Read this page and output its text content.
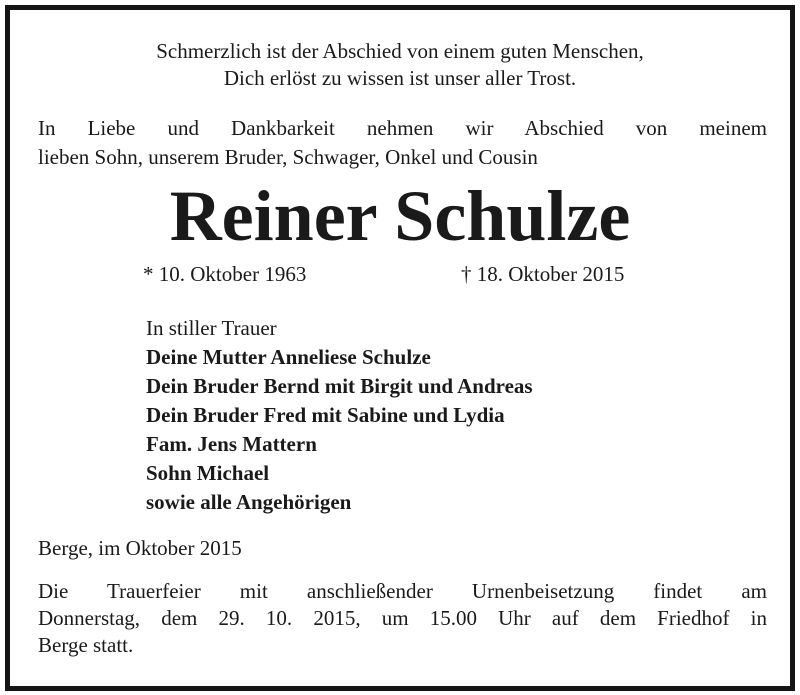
Schmerzlich ist der Abschied von einem guten Menschen,
Dich erlöst zu wissen ist unser aller Trost.
In Liebe und Dankbarkeit nehmen wir Abschied von meinem
lieben Sohn, unserem Bruder, Schwager, Onkel und Cousin
Reiner Schulze
* 10. Oktober 1963	† 18. Oktober 2015
In stiller Trauer
Deine Mutter Anneliese Schulze
Dein Bruder Bernd mit Birgit und Andreas
Dein Bruder Fred mit Sabine und Lydia
Fam. Jens Mattern
Sohn Michael
sowie alle Angehörigen
Berge, im Oktober 2015
Die Trauerfeier mit anschließender Urnenbeisetzung findet am
Donnerstag, dem 29. 10. 2015, um 15.00 Uhr auf dem Friedhof in
Berge statt.
